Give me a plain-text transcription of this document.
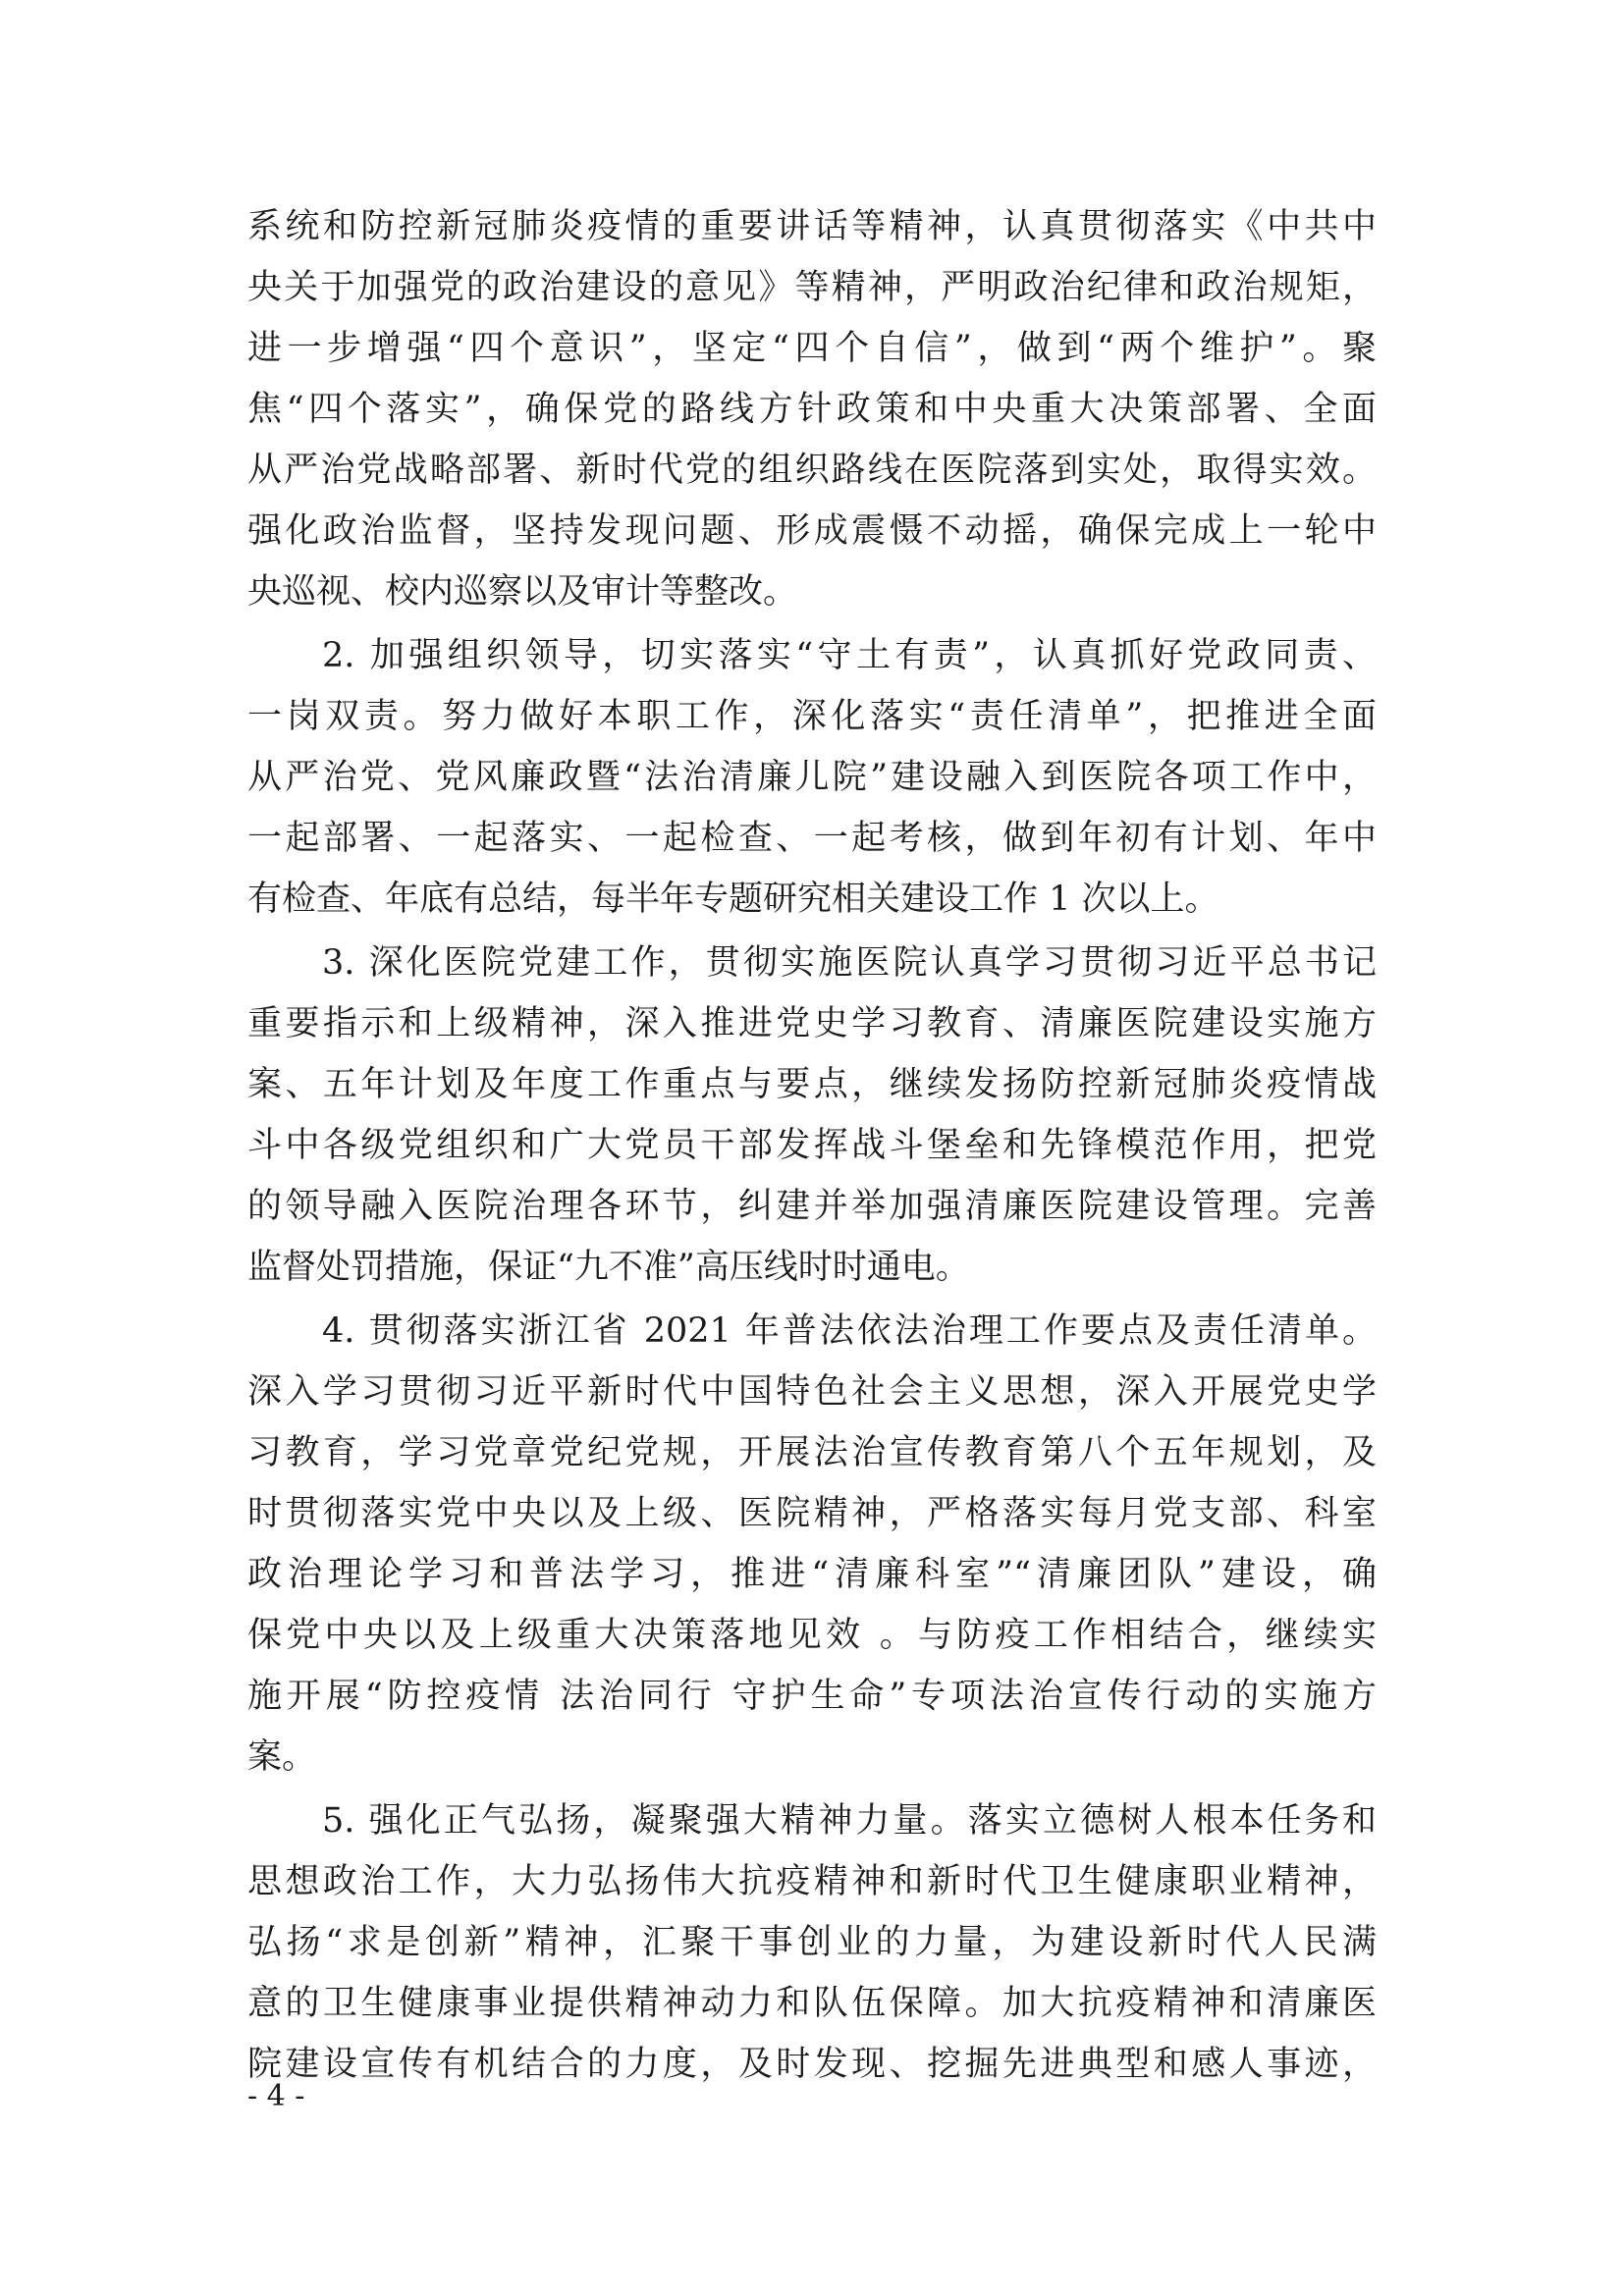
系统和防控新冠肺炎疫情的重要讲话等精神，认真贯彻落实《中共中
央关于加强党的政治建设的意见》等精神，严明政治纪律和政治规矩，
进一步增强“四个意识”，坚定“四个自信”，做到“两个维护”。聚
焦“四个落实”，确保党的路线方针政策和中央重大决策部署、全面
从严治党战略部署、新时代党的组织路线在医院落到实处，取得实效。
强化政治监督，坚持发现问题、形成震慑不动摇，确保完成上一轮中
央巡视、校内巡察以及审计等整改。
2. 加强组织领导，切实落实“守土有责”，认真抓好党政同责、
一岗双责。努力做好本职工作，深化落实“责任清单”，把推进全面
从严治党、党风廉政暨“法治清廉儿院”建设融入到医院各项工作中，
一起部署、一起落实、一起检查、一起考核，做到年初有计划、年中
有检查、年底有总结，每半年专题研究相关建设工作 1 次以上。
3. 深化医院党建工作，贯彻实施医院认真学习贯彻习近平总书记
重要指示和上级精神，深入推进党史学习教育、清廉医院建设实施方
案、五年计划及年度工作重点与要点，继续发扬防控新冠肺炎疫情战
斗中各级党组织和广大党员干部发挥战斗堡垒和先锋模范作用，把党
的领导融入医院治理各环节，纠建并举加强清廉医院建设管理。完善
监督处罚措施，保证“九不准”高压线时时通电。
4. 贯彻落实浙江省 2021 年普法依法治理工作要点及责任清单。
深入学习贯彻习近平新时代中国特色社会主义思想，深入开展党史学
习教育，学习党章党纪党规，开展法治宣传教育第八个五年规划，及
时贯彻落实党中央以及上级、医院精神，严格落实每月党支部、科室
政治理论学习和普法学习，推进“清廉科室”“清廉团队”建设，确
保党中央以及上级重大决策落地见效 。与防疫工作相结合，继续实
施开展“防控疫情 法治同行 守护生命”专项法治宣传行动的实施方
案。
5. 强化正气弘扬，凝聚强大精神力量。落实立德树人根本任务和
思想政治工作，大力弘扬伟大抗疫精神和新时代卫生健康职业精神，
弘扬“求是创新”精神，汇聚干事创业的力量，为建设新时代人民满
意的卫生健康事业提供精神动力和队伍保障。加大抗疫精神和清廉医
院建设宣传有机结合的力度，及时发现、挖掘先进典型和感人事迹，
- 4 -
